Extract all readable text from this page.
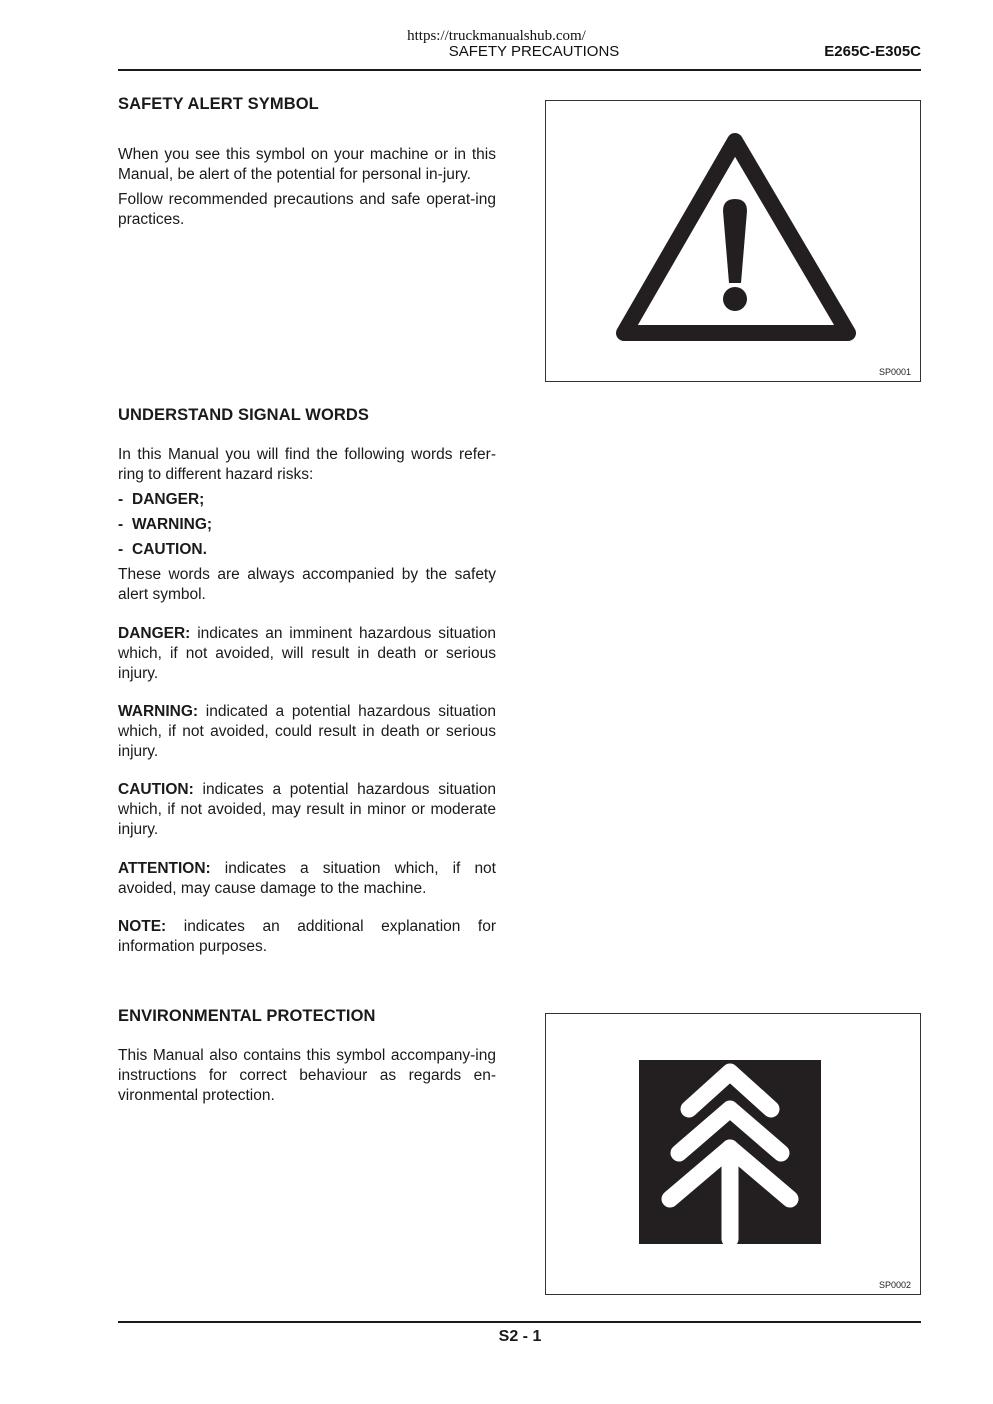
https://truckmanualshub.com/
SAFETY PRECAUTIONS	E265C-E305C
SAFETY ALERT SYMBOL

When you see this symbol on your machine or in this Manual, be alert of the potential for personal in-jury.

Follow recommended precautions and safe operat-ing practices.

SP0001
UNDERSTAND SIGNAL WORDS

In this Manual you will find the following words refer-ring to different hazard risks:

- DANGER;
- WARNING;
- CAUTION.

These words are always accompanied by the safety alert symbol.

DANGER: indicates an imminent hazardous situation which, if not avoided, will result in death or serious injury.

WARNING: indicated a potential hazardous situation which, if not avoided, could result in death or serious injury.

CAUTION: indicates a potential hazardous situation which, if not avoided, may result in minor or moderate injury.

ATTENTION: indicates a situation which, if not avoided, may cause damage to the machine.

NOTE: indicates an additional explanation for information purposes.

ENVIRONMENTAL PROTECTION

This Manual also contains this symbol accompany-ing instructions for correct behaviour as regards en-vironmental protection.

SP0002
S2 - 1
